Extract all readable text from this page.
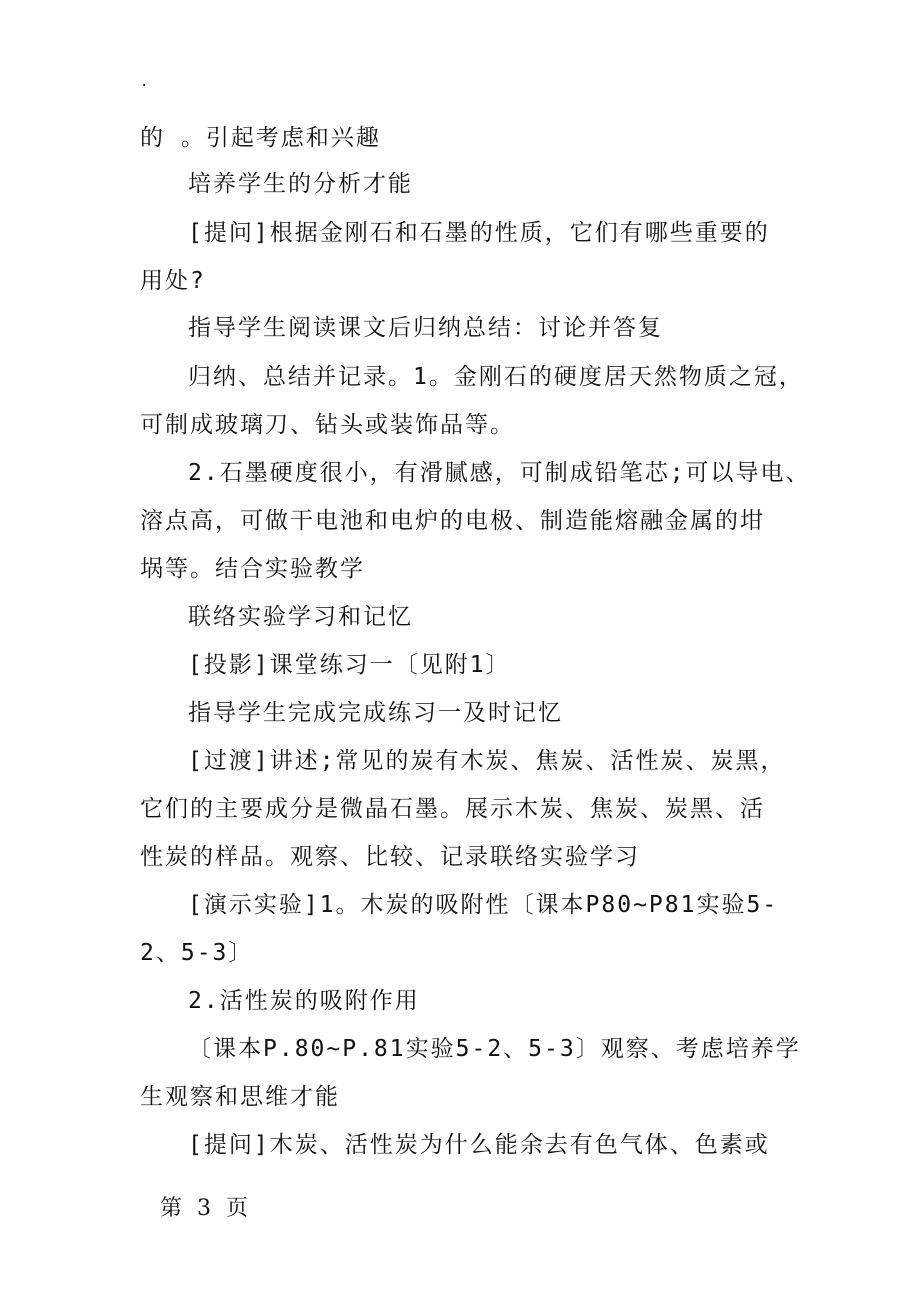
.
的 。引起考虑和兴趣
培养学生的分析才能
[提问]根据金刚石和石墨的性质，它们有哪些重要的
用处?
指导学生阅读课文后归纳总结：讨论并答复
归纳、总结并记录。1。金刚石的硬度居天然物质之冠，
可制成玻璃刀、钻头或装饰品等。
2.石墨硬度很小，有滑腻感，可制成铅笔芯;可以导电、
溶点高，可做干电池和电炉的电极、制造能熔融金属的坩
埚等。结合实验教学
联络实验学习和记忆
[投影]课堂练习一〔见附1〕
指导学生完成完成练习一及时记忆
[过渡]讲述;常见的炭有木炭、焦炭、活性炭、炭黑，
它们的主要成分是微晶石墨。展示木炭、焦炭、炭黑、活
性炭的样品。观察、比较、记录联络实验学习
[演示实验]1。木炭的吸附性〔课本P80~P81实验5-
2、5-3〕
2.活性炭的吸附作用
〔课本P.80~P.81实验5-2、5-3〕观察、考虑培养学
生观察和思维才能
[提问]木炭、活性炭为什么能余去有色气体、色素或
第 3 页
